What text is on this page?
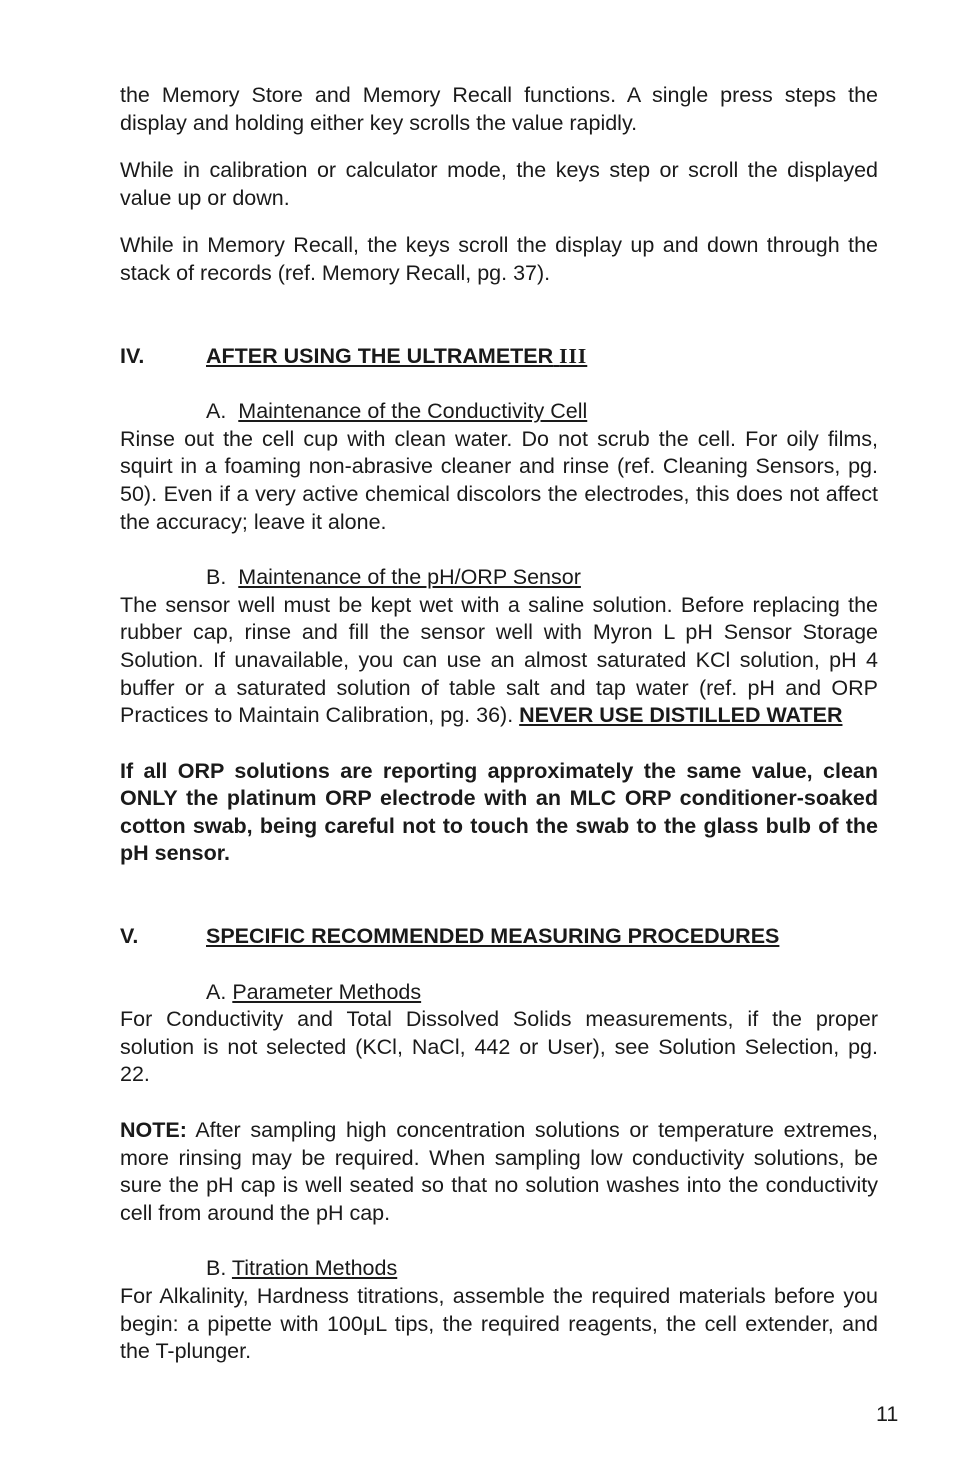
the Memory Store and Memory Recall functions. A single press steps the display and holding either key scrolls the value rapidly.

While in calibration or calculator mode, the keys step or scroll the displayed value up or down.

While in Memory Recall, the keys scroll the display up and down through the stack of records (ref. Memory Recall, pg. 37).

IV.	AFTER USING THE ULTRAMETER III
A. Maintenance of the Conductivity Cell

Rinse out the cell cup with clean water. Do not scrub the cell. For oily films, squirt in a foaming non-abrasive cleaner and rinse (ref. Cleaning Sensors, pg. 50). Even if a very active chemical discolors the electrodes, this does not affect the accuracy; leave it alone.

B. Maintenance of the pH/ORP Sensor

The sensor well must be kept wet with a saline solution. Before replacing the rubber cap, rinse and fill the sensor well with Myron L pH Sensor Storage Solution. If unavailable, you can use an almost saturated KCl solution, pH 4 buffer or a saturated solution of table salt and tap water (ref. pH and ORP Practices to Maintain Calibration, pg. 36). NEVER USE DISTILLED WATER

If all ORP solutions are reporting approximately the same value, clean ONLY the platinum ORP electrode with an MLC ORP conditioner-soaked cotton swab, being careful not to touch the swab to the glass bulb of the pH sensor.

V.	SPECIFIC RECOMMENDED MEASURING PROCEDURES
A. Parameter Methods

For Conductivity and Total Dissolved Solids measurements, if the proper solution is not selected (KCl, NaCl, 442 or User), see Solution Selection, pg. 22.

NOTE: After sampling high concentration solutions or temperature extremes, more rinsing may be required. When sampling low conductivity solutions, be sure the pH cap is well seated so that no solution washes into the conductivity cell from around the pH cap.

B. Titration Methods

For Alkalinity, Hardness titrations, assemble the required materials before you begin: a pipette with 100μL tips, the required reagents, the cell extender, and the T-plunger.

11
